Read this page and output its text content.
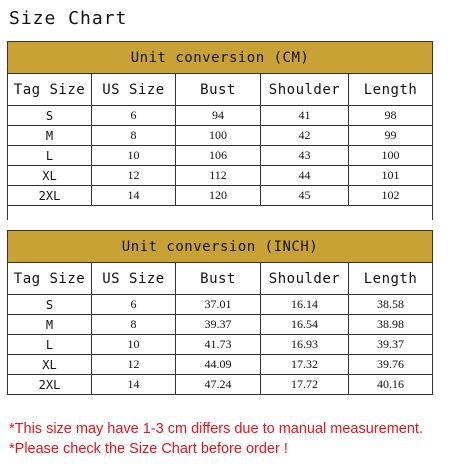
Size Chart
Unit conversion (CM)				
Tag Size	US Size	Bust	Shoulder	Length
S	6	94	41	98
M	8	100	42	99
L	10	106	43	100
XL	12	112	44	101
2XL	14	120	45	102

Unit conversion (INCH)				
Tag Size	US Size	Bust	Shoulder	Length
S	6	37.01	16.14	38.58
M	8	39.37	16.54	38.98
L	10	41.73	16.93	39.37
XL	12	44.09	17.32	39.76
2XL	14	47.24	17.72	40.16
*This size may have 1-3 cm differs due to manual measurement.
*Please check the Size Chart before order !
